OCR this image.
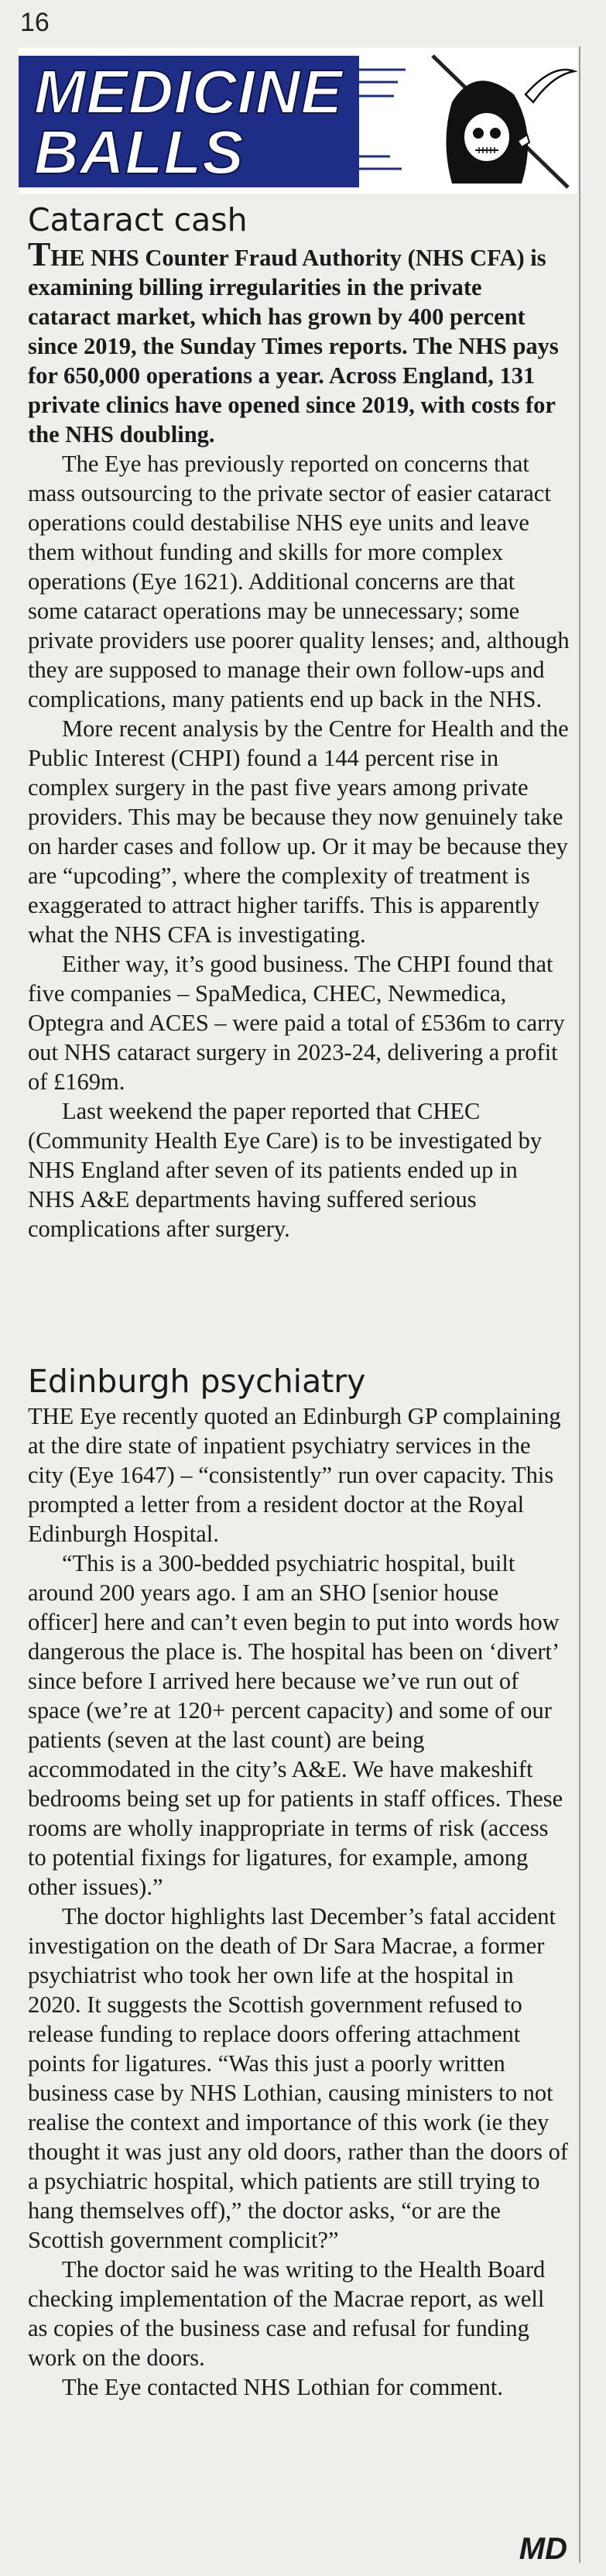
16
MEDICINE
BALLS
Cataract cash

THE NHS Counter Fraud Authority (NHS CFA) is examining billing irregularities in the private cataract market, which has grown by 400 percent since 2019, the Sunday Times reports. The NHS pays for 650,000 operations a year. Across England, 131 private clinics have opened since 2019, with costs for the NHS doubling.

The Eye has previously reported on concerns that mass outsourcing to the private sector of easier cataract operations could destabilise NHS eye units and leave them without funding and skills for more complex operations (Eye 1621). Additional concerns are that some cataract operations may be unnecessary; some private providers use poorer quality lenses; and, although they are supposed to manage their own follow-ups and complications, many patients end up back in the NHS.

More recent analysis by the Centre for Health and the Public Interest (CHPI) found a 144 percent rise in complex surgery in the past five years among private providers. This may be because they now genuinely take on harder cases and follow up. Or it may be because they are “upcoding”, where the complexity of treatment is exaggerated to attract higher tariffs. This is apparently what the NHS CFA is investigating.

Either way, it’s good business. The CHPI found that five companies – SpaMedica, CHEC, Newmedica, Optegra and ACES – were paid a total of £536m to carry out NHS cataract surgery in 2023-24, delivering a profit of £169m.

Last weekend the paper reported that CHEC (Community Health Eye Care) is to be investigated by NHS England after seven of its patients ended up in NHS A&E departments having suffered serious complications after surgery.

Edinburgh psychiatry

THE Eye recently quoted an Edinburgh GP complaining at the dire state of inpatient psychiatry services in the city (Eye 1647) – “consistently” run over capacity. This prompted a letter from a resident doctor at the Royal Edinburgh Hospital.

“This is a 300-bedded psychiatric hospital, built around 200 years ago. I am an SHO [senior house officer] here and can’t even begin to put into words how dangerous the place is. The hospital has been on ‘divert’ since before I arrived here because we’ve run out of space (we’re at 120+ percent capacity) and some of our patients (seven at the last count) are being accommodated in the city’s A&E. We have makeshift bedrooms being set up for patients in staff offices. These rooms are wholly inappropriate in terms of risk (access to potential fixings for ligatures, for example, among other issues).”

The doctor highlights last December’s fatal accident investigation on the death of Dr Sara Macrae, a former psychiatrist who took her own life at the hospital in 2020. It suggests the Scottish government refused to release funding to replace doors offering attachment points for ligatures. “Was this just a poorly written business case by NHS Lothian, causing ministers to not realise the context and importance of this work (ie they thought it was just any old doors, rather than the doors of a psychiatric hospital, which patients are still trying to hang themselves off),” the doctor asks, “or are the Scottish government complicit?”

The doctor said he was writing to the Health Board checking implementation of the Macrae report, as well as copies of the business case and refusal for funding work on the doors.

The Eye contacted NHS Lothian for comment.

MD
